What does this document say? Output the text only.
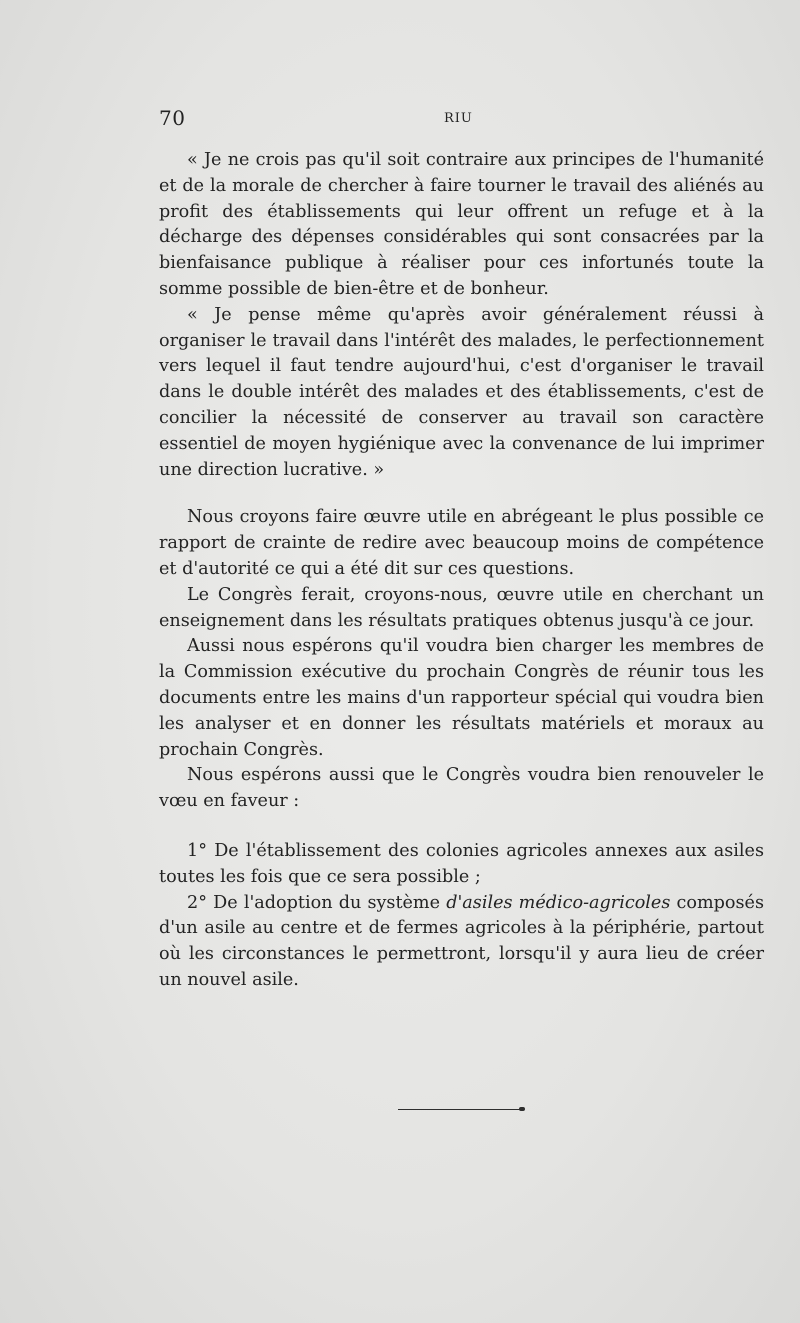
70	RIU

« Je ne crois pas qu'il soit contraire aux principes de l'humanité et de la morale de chercher à faire tourner le travail des aliénés au profit des établissements qui leur offrent un refuge et à la décharge des dépenses considérables qui sont consacrées par la bienfaisance publique à réaliser pour ces infortunés toute la somme possible de bien-être et de bonheur.

« Je pense même qu'après avoir généralement réussi à organiser le travail dans l'intérêt des malades, le perfectionnement vers lequel il faut tendre aujourd'hui, c'est d'organiser le travail dans le double intérêt des malades et des établissements, c'est de concilier la nécessité de conserver au travail son caractère essentiel de moyen hygiénique avec la convenance de lui imprimer une direction lucrative. »

Nous croyons faire œuvre utile en abrégeant le plus possible ce rapport de crainte de redire avec beaucoup moins de compétence et d'autorité ce qui a été dit sur ces questions.

Le Congrès ferait, croyons-nous, œuvre utile en cherchant un enseignement dans les résultats pratiques obtenus jusqu'à ce jour.

Aussi nous espérons qu'il voudra bien charger les membres de la Commission exécutive du prochain Congrès de réunir tous les documents entre les mains d'un rapporteur spécial qui voudra bien les analyser et en donner les résultats matériels et moraux au prochain Congrès.

Nous espérons aussi que le Congrès voudra bien renouveler le vœu en faveur :

1° De l'établissement des colonies agricoles annexes aux asiles toutes les fois que ce sera possible ;

2° De l'adoption du système d'asiles médico-agricoles composés d'un asile au centre et de fermes agricoles à la périphérie, partout où les circonstances le permettront, lorsqu'il y aura lieu de créer un nouvel asile.
